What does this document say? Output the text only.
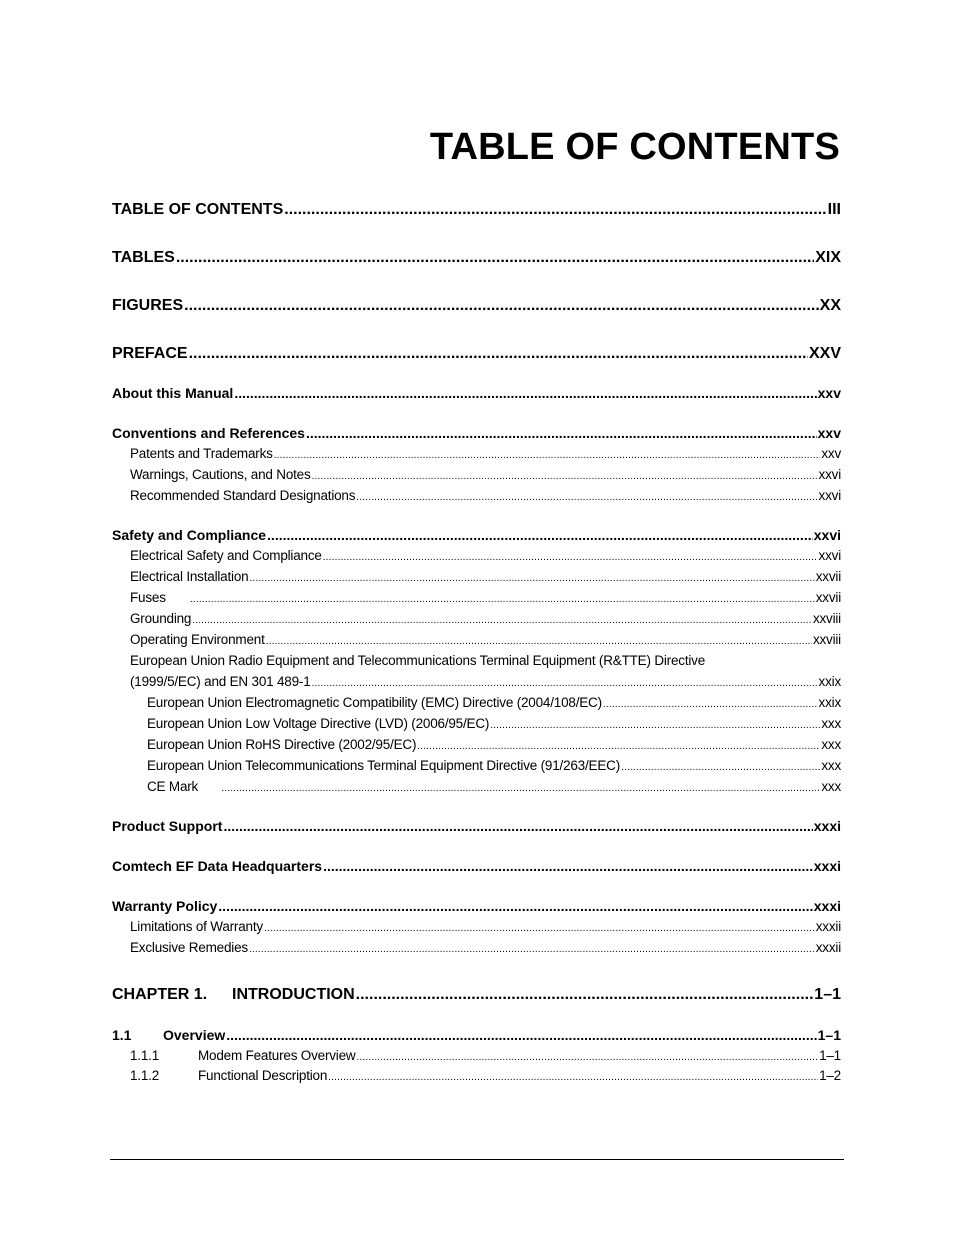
TABLE OF CONTENTS
TABLE OF CONTENTS .....	III
TABLES .....	XIX
FIGURES .....	XX
PREFACE .....	XXV
About this Manual .....	xxv
Conventions and References .....	xxv
Patents and Trademarks .....	xxv
Warnings, Cautions, and Notes .....	xxvi
Recommended Standard Designations .....	xxvi
Safety and Compliance .....	xxvi
Electrical Safety and Compliance .....	xxvi
Electrical Installation .....	xxvii
Fuses .....	xxvii
Grounding .....	xxviii
Operating Environment .....	xxviii
European Union Radio Equipment and Telecommunications Terminal Equipment (R&TTE) Directive
(1999/5/EC) and EN 301 489-1 .....	xxix
European Union Electromagnetic Compatibility (EMC) Directive (2004/108/EC) .....	xxix
European Union Low Voltage Directive (LVD) (2006/95/EC) .....	xxx
European Union RoHS Directive (2002/95/EC) .....	xxx
European Union Telecommunications Terminal Equipment Directive (91/263/EEC) .....	xxx
CE Mark .....	xxx
Product Support .....	xxxi
Comtech EF Data Headquarters .....	xxxi
Warranty Policy .....	xxxi
Limitations of Warranty .....	xxxii
Exclusive Remedies .....	xxxii
CHAPTER 1.	INTRODUCTION .....	1–1
1.1	Overview .....	1–1
1.1.1	Modem Features Overview .....	1–1
1.1.2	Functional Description .....	1–2
